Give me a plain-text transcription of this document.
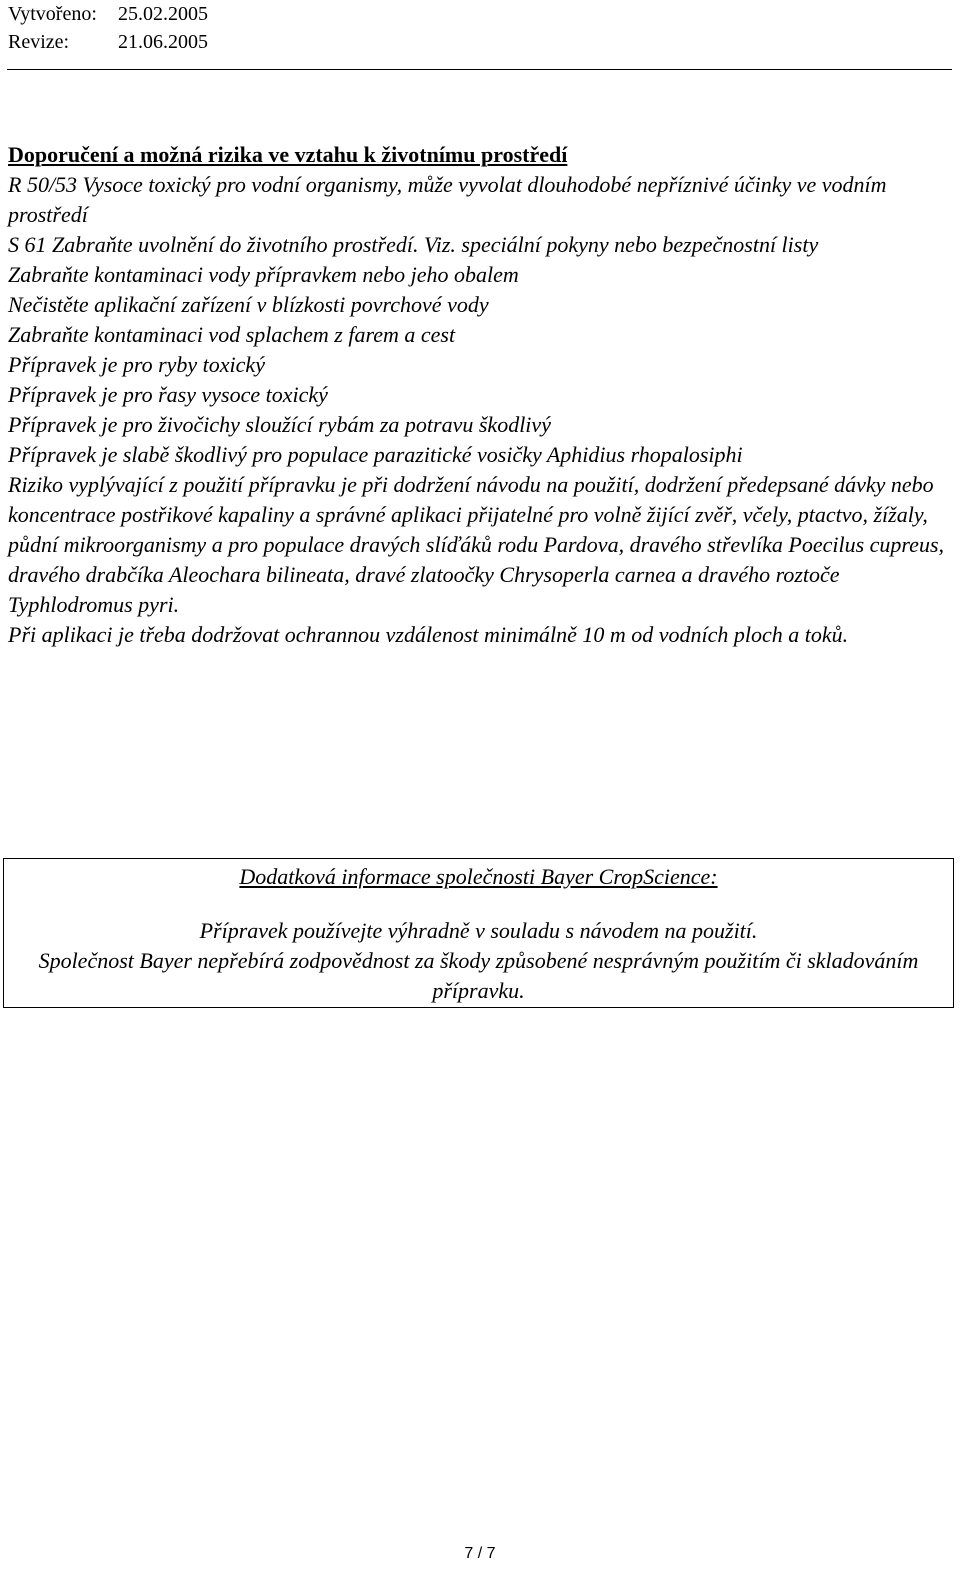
Vytvořeno:	25.02.2005
Revize:	21.06.2005
Doporučení a možná rizika ve vztahu k životnímu prostředí

R 50/53 Vysoce toxický pro vodní organismy, může vyvolat dlouhodobé nepříznivé účinky ve vodním prostředí

S 61 Zabraňte uvolnění do životního prostředí. Viz. speciální pokyny nebo bezpečnostní listy

Zabraňte kontaminaci vody přípravkem nebo jeho obalem

Nečistěte aplikační zařízení v blízkosti povrchové vody

Zabraňte kontaminaci vod splachem z farem a cest

Přípravek je pro ryby toxický

Přípravek je pro řasy vysoce toxický

Přípravek je pro živočichy sloužící rybám za potravu škodlivý

Přípravek je slabě škodlivý pro populace parazitické vosičky Aphidius rhopalosiphi

Riziko vyplývající z použití přípravku je při dodržení návodu na použití, dodržení předepsané dávky nebo koncentrace postřikové kapaliny a správné aplikaci přijatelné pro volně žijící zvěř, včely, ptactvo, žížaly, půdní mikroorganismy a pro populace dravých slíďáků rodu Pardova, dravého střevlíka Poecilus cupreus, dravého drabčíka Aleochara bilineata, dravé zlatoočky Chrysoperla carnea a dravého roztoče Typhlodromus pyri.

Při aplikaci je třeba dodržovat ochrannou vzdálenost minimálně 10 m od vodních ploch a toků.

Dodatková informace společnosti Bayer CropScience:

Přípravek používejte výhradně v souladu s návodem na použití.

Společnost Bayer nepřebírá zodpovědnost za škody způsobené nesprávným použitím či skladováním přípravku.

7 / 7
